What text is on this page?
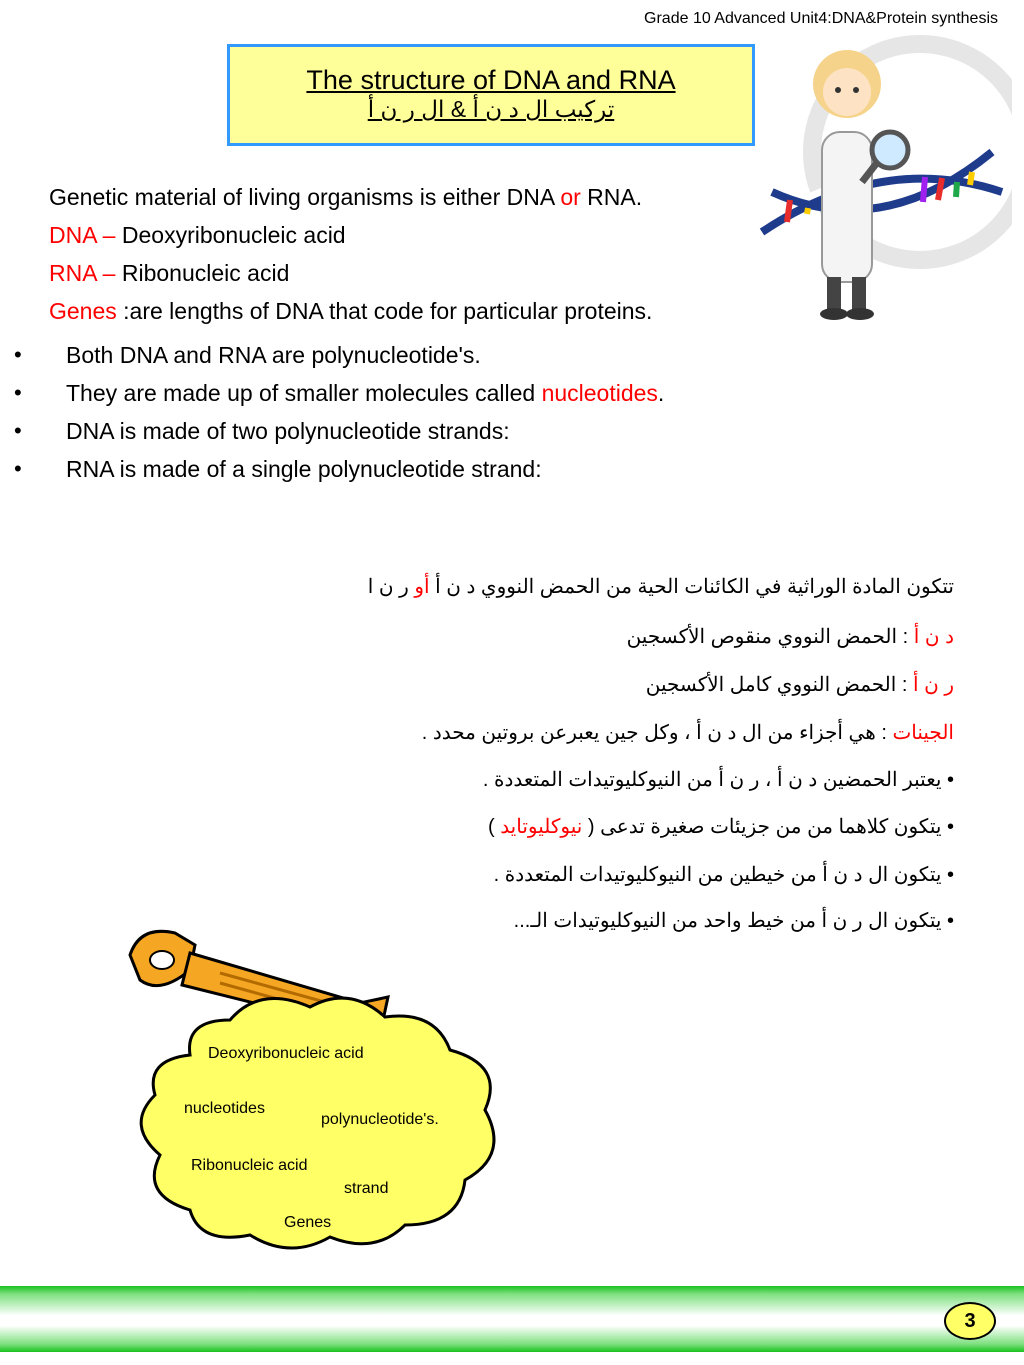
Grade 10 Advanced Unit4:DNA&Protein synthesis
The structure of DNA and RNA
تركيب ال د ن أ & ال ر ن أ
Genetic material of living organisms is either DNA or RNA.
DNA – Deoxyribonucleic acid
RNA – Ribonucleic acid
Genes :are lengths of DNA that code for particular proteins.
• Both DNA and RNA are polynucleotide's.
• They are made up of smaller molecules called nucleotides.
• DNA is made of two polynucleotide strands:
• RNA is made of a single polynucleotide strand:
تتكون المادة الوراثية في الكائنات الحية من الحمض النووي د ن أ أو ر ن ا
د ن أ : الحمض النووي منقوص الأكسجين
ر ن أ : الحمض النووي كامل الأكسجين
الجينات : هي أجزاء من ال د ن أ ، وكل جين يعبرعن بروتين محدد .
• يعتبر الحمضين د ن أ ، ر ن أ من النيوكليوتيدات المتعددة .
• يتكون كلاهما من من جزيئات صغيرة تدعى ( نيوكليوتايد )
• يتكون ال د ن أ من خيطين من النيوكليوتيدات المتعددة .
• يتكون ال ر ن أ من خيط واحد من النيوكليوتيدات الـ...
Deoxyribonucleic acid
nucleotides
polynucleotide's.
Ribonucleic acid
strand
Genes
3
